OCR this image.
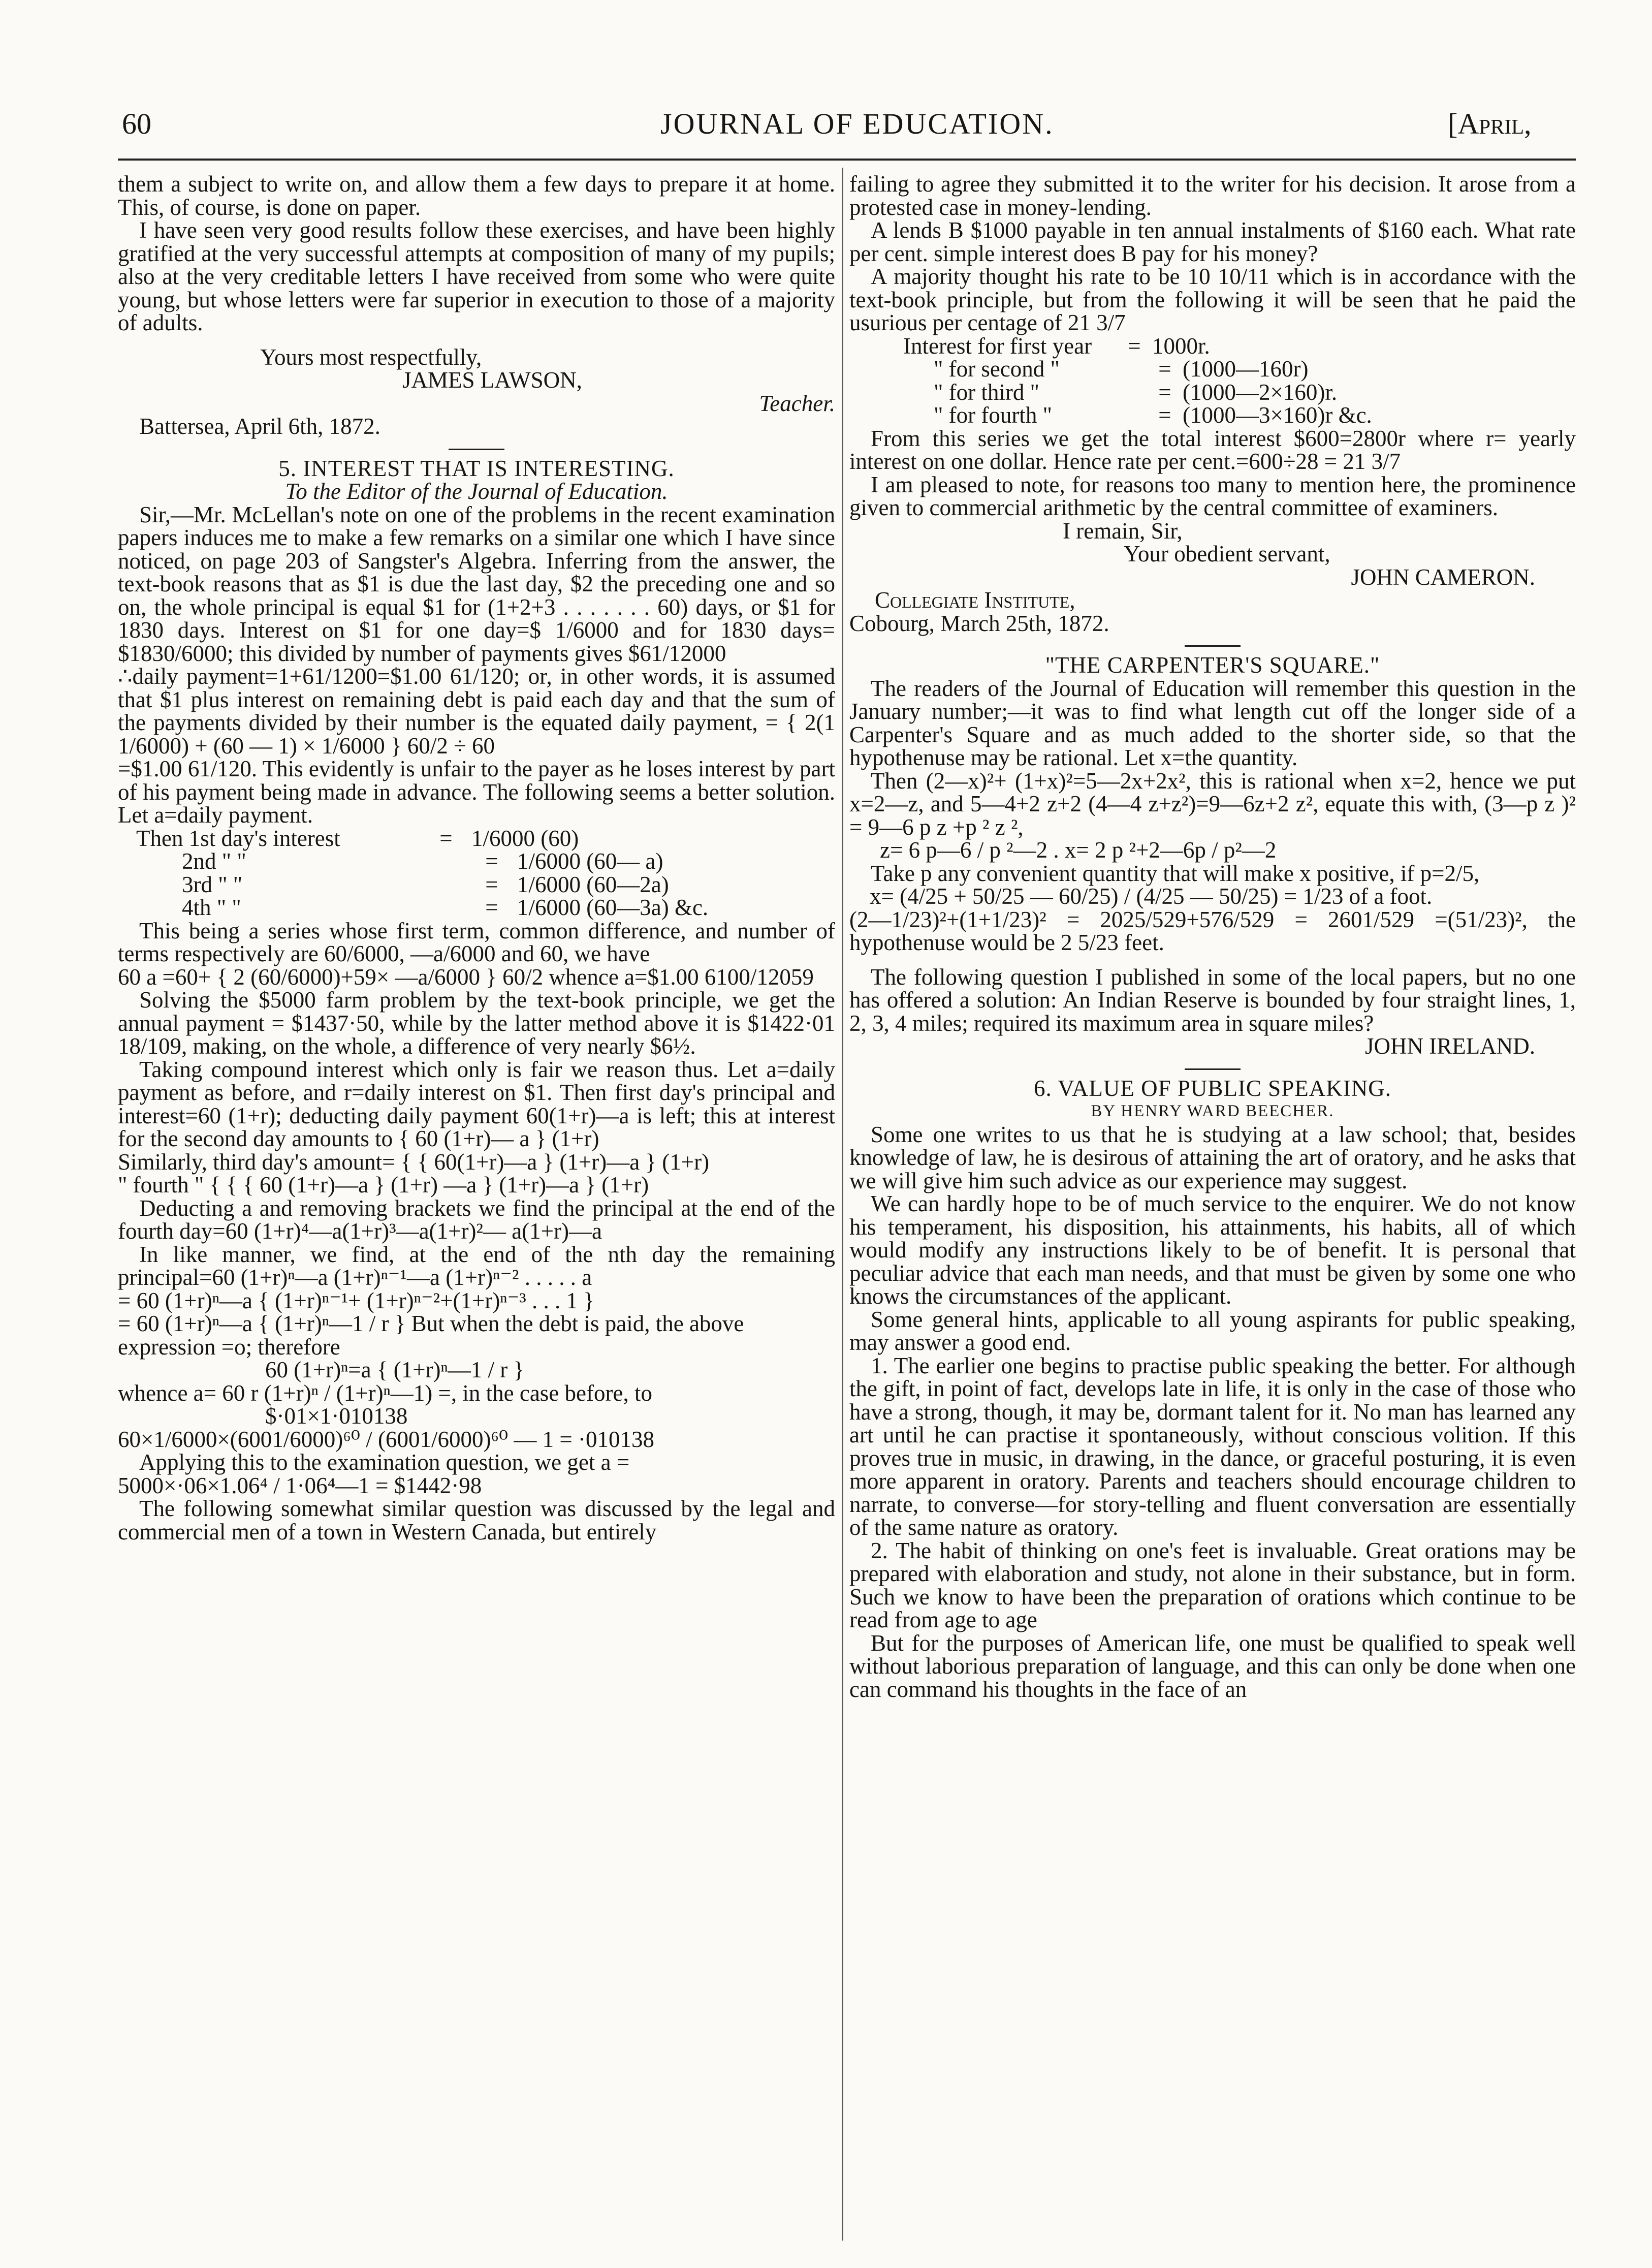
60	JOURNAL OF EDUCATION.	[April,

them a subject to write on, and allow them a few days to prepare it at home. This, of course, is done on paper.

I have seen very good results follow these exercises, and have been highly gratified at the very successful attempts at composition of many of my pupils; also at the very creditable letters I have received from some who were quite young, but whose letters were far superior in execution to those of a majority of adults.

Yours most respectfully,

JAMES LAWSON,

Teacher.

Battersea, April 6th, 1872.

5. INTEREST THAT IS INTERESTING.

To the Editor of the Journal of Education.

Sir,—Mr. McLellan's note on one of the problems in the recent examination papers induces me to make a few remarks on a similar one which I have since noticed, on page 203 of Sangster's Algebra. Inferring from the answer, the text-book reasons that as $1 is due the last day, $2 the preceding one and so on, the whole principal is equal $1 for (1+2+3 . . . . . . . 60) days, or $1 for 1830 days. Interest on $1 for one day=$ 1/6000 and for 1830 days= $1830/6000; this divided by number of payments gives $61/12000

∴daily payment=1+61/1200=$1.00 61/120; or, in other words, it is assumed that $1 plus interest on remaining debt is paid each day and that the sum of the payments divided by their number is the equated daily payment, = { 2(1 1/6000) + (60 — 1) × 1/6000 } 60/2 ÷ 60

=$1.00 61/120. This evidently is unfair to the payer as he loses interest by part of his payment being made in advance. The following seems a better solution. Let a=daily payment.

Then 1st day's interest	= 1/6000 (60)
2nd " "	= 1/6000 (60— a)
3rd " "	= 1/6000 (60—2a)
4th " "	= 1/6000 (60—3a) &c.

This being a series whose first term, common difference, and number of terms respectively are 60/6000, —a/6000 and 60, we have

60 a =60+ { 2 (60/6000)+59× —a/6000 } 60/2 whence a=$1.00 6100/12059

Solving the $5000 farm problem by the text-book principle, we get the annual payment = $1437·50, while by the latter method above it is $1422·01 18/109, making, on the whole, a difference of very nearly $6½.

Taking compound interest which only is fair we reason thus. Let a=daily payment as before, and r=daily interest on $1. Then first day's principal and interest=60 (1+r); deducting daily payment 60(1+r)—a is left; this at interest for the second day amounts to { 60 (1+r)— a } (1+r)

Similarly, third day's amount= { { 60(1+r)—a } (1+r)—a } (1+r)

" fourth " { { { 60 (1+r)—a } (1+r) —a } (1+r)—a } (1+r)

Deducting a and removing brackets we find the principal at the end of the fourth day=60 (1+r)⁴—a(1+r)³—a(1+r)²— a(1+r)—a

In like manner, we find, at the end of the nth day the remaining principal=60 (1+r)ⁿ—a (1+r)ⁿ⁻¹—a (1+r)ⁿ⁻² . . . . . a

= 60 (1+r)ⁿ—a { (1+r)ⁿ⁻¹+ (1+r)ⁿ⁻²+(1+r)ⁿ⁻³ . . . 1 }

= 60 (1+r)ⁿ—a { (1+r)ⁿ—1 / r } But when the debt is paid, the above

expression =o; therefore

60 (1+r)ⁿ=a { (1+r)ⁿ—1 / r }

whence a= 60 r (1+r)ⁿ / (1+r)ⁿ—1) =, in the case before, to

$·01×1·010138

60×1/6000×(6001/6000)⁶⁰ / (6001/6000)⁶⁰ — 1 = ·010138

Applying this to the examination question, we get a =

5000×·06×1.06⁴ / 1·06⁴—1 = $1442·98

The following somewhat similar question was discussed by the legal and commercial men of a town in Western Canada, but entirely

failing to agree they submitted it to the writer for his decision. It arose from a protested case in money-lending.

A lends B $1000 payable in ten annual instalments of $160 each. What rate per cent. simple interest does B pay for his money?

A majority thought his rate to be 10 10/11 which is in accordance with the text-book principle, but from the following it will be seen that he paid the usurious per centage of 21 3/7

Interest for first year	= 1000r.
" for second "	= (1000—160r)
" for third "	= (1000—2×160)r.
" for fourth "	= (1000—3×160)r &c.

From this series we get the total interest $600=2800r where r= yearly interest on one dollar. Hence rate per cent.=600÷28 = 21 3/7

I am pleased to note, for reasons too many to mention here, the prominence given to commercial arithmetic by the central committee of examiners.

I remain, Sir,

Your obedient servant,

JOHN CAMERON.

Collegiate Institute,

Cobourg, March 25th, 1872.

"THE CARPENTER'S SQUARE."

The readers of the Journal of Education will remember this question in the January number;—it was to find what length cut off the longer side of a Carpenter's Square and as much added to the shorter side, so that the hypothenuse may be rational. Let x=the quantity.

Then (2—x)²+ (1+x)²=5—2x+2x², this is rational when x=2, hence we put x=2—z, and 5—4+2 z+2 (4—4 z+z²)=9—6z+2 z², equate this with, (3—p z )² = 9—6 p z +p ² z ²,

z= 6 p—6 / p ²—2 . x= 2 p ²+2—6p / p²—2

Take p any convenient quantity that will make x positive, if p=2/5,

x= (4/25 + 50/25 — 60/25) / (4/25 — 50/25) = 1/23 of a foot.

(2—1/23)²+(1+1/23)² = 2025/529+576/529 = 2601/529 =(51/23)², the hypothenuse would be 2 5/23 feet.

The following question I published in some of the local papers, but no one has offered a solution: An Indian Reserve is bounded by four straight lines, 1, 2, 3, 4 miles; required its maximum area in square miles?

JOHN IRELAND.

6. VALUE OF PUBLIC SPEAKING.

BY HENRY WARD BEECHER.

Some one writes to us that he is studying at a law school; that, besides knowledge of law, he is desirous of attaining the art of oratory, and he asks that we will give him such advice as our experience may suggest.

We can hardly hope to be of much service to the enquirer. We do not know his temperament, his disposition, his attainments, his habits, all of which would modify any instructions likely to be of benefit. It is personal that peculiar advice that each man needs, and that must be given by some one who knows the circumstances of the applicant.

Some general hints, applicable to all young aspirants for public speaking, may answer a good end.

1. The earlier one begins to practise public speaking the better. For although the gift, in point of fact, develops late in life, it is only in the case of those who have a strong, though, it may be, dormant talent for it. No man has learned any art until he can practise it spontaneously, without conscious volition. If this proves true in music, in drawing, in the dance, or graceful posturing, it is even more apparent in oratory. Parents and teachers should encourage children to narrate, to converse—for story-telling and fluent conversation are essentially of the same nature as oratory.

2. The habit of thinking on one's feet is invaluable. Great orations may be prepared with elaboration and study, not alone in their substance, but in form. Such we know to have been the preparation of orations which continue to be read from age to age

But for the purposes of American life, one must be qualified to speak well without laborious preparation of language, and this can only be done when one can command his thoughts in the face of an
